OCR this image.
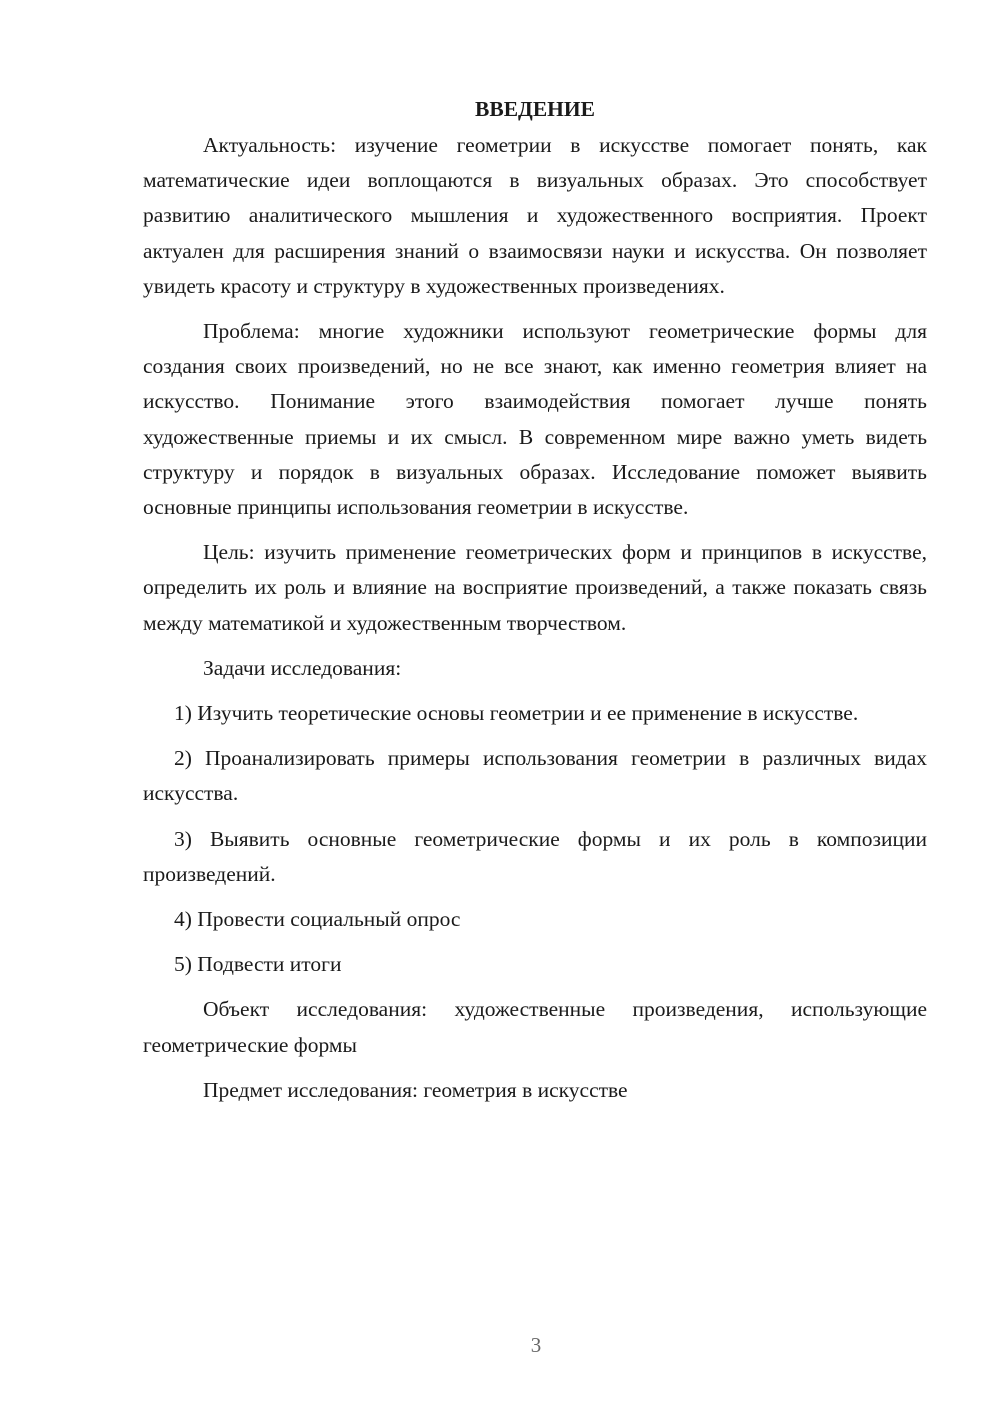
ВВЕДЕНИЕ

Актуальность: изучение геометрии в искусстве помогает понять, как математические идеи воплощаются в визуальных образах. Это способствует развитию аналитического мышления и художественного восприятия. Проект актуален для расширения знаний о взаимосвязи науки и искусства. Он позволяет увидеть красоту и структуру в художественных произведениях.

Проблема: многие художники используют геометрические формы для создания своих произведений, но не все знают, как именно геометрия влияет на искусство. Понимание этого взаимодействия помогает лучше понять художественные приемы и их смысл. В современном мире важно уметь видеть структуру и порядок в визуальных образах. Исследование поможет выявить основные принципы использования геометрии в искусстве.

Цель: изучить применение геометрических форм и принципов в искусстве, определить их роль и влияние на восприятие произведений, а также показать связь между математикой и художественным творчеством.

Задачи исследования:

1) Изучить теоретические основы геометрии и ее применение в искусстве.

2) Проанализировать примеры использования геометрии в различных видах искусства.

3) Выявить основные геометрические формы и их роль в композиции произведений.

4) Провести социальный опрос

5) Подвести итоги

Объект исследования: художественные произведения, использующие геометрические формы

Предмет исследования: геометрия в искусстве

3
